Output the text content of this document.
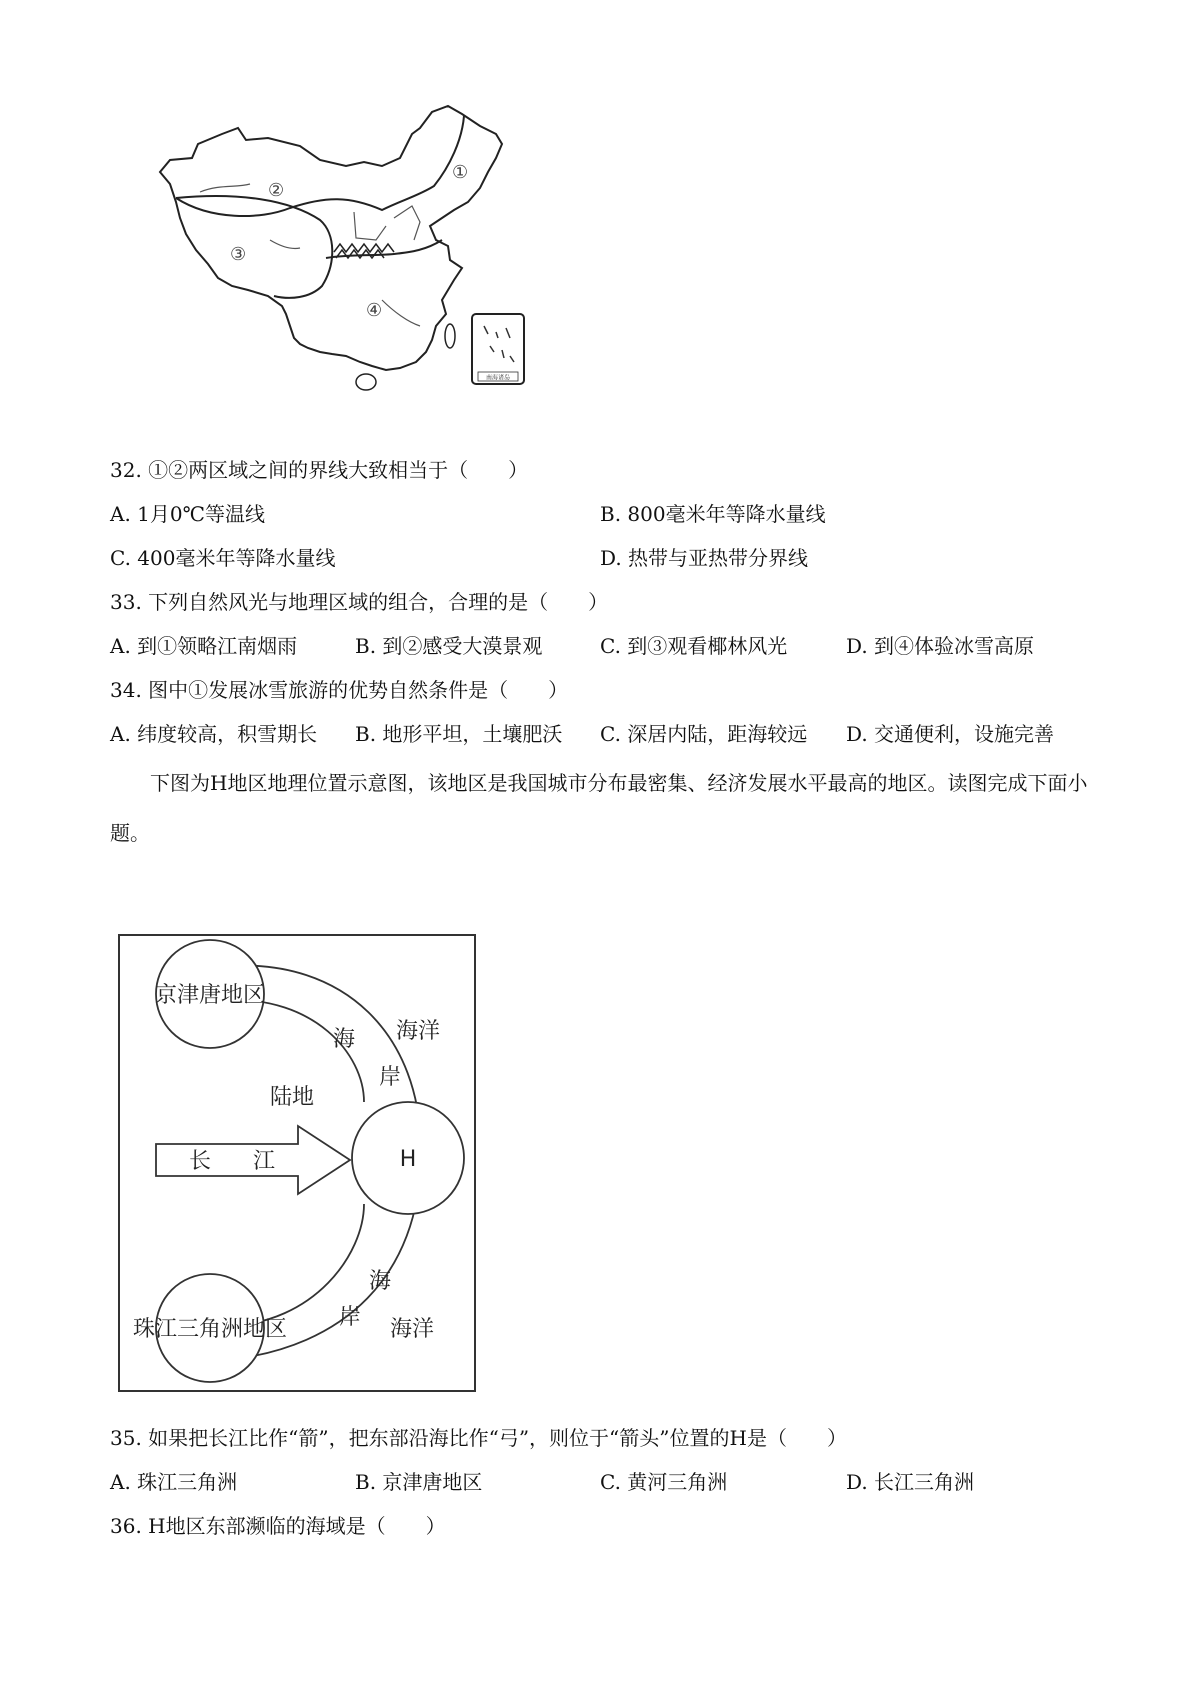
①
②
③
④
南海诸岛
32. ①②两区域之间的界线大致相当于（　　）
A. 1月0℃等温线	B. 800毫米年等降水量线
C. 400毫米年等降水量线	D. 热带与亚热带分界线
33. 下列自然风光与地理区域的组合，合理的是（　　）
A. 到①领略江南烟雨	B. 到②感受大漠景观	C. 到③观看椰林风光	D. 到④体验冰雪高原
34. 图中①发展冰雪旅游的优势自然条件是（　　）
A. 纬度较高，积雪期长 B. 地形平坦，土壤肥沃 C. 深居内陆，距海较远 D. 交通便利，设施完善
下图为H地区地理位置示意图，该地区是我国城市分布最密集、经济发展水平最高的地区。读图完成下面小题。
京津唐地区
珠江三角洲地区
H
陆地
长 江
海
岸
海洋
海
岸 海洋
35. 如果把长江比作“箭”，把东部沿海比作“弓”，则位于“箭头”位置的H是（　　）
A. 珠江三角洲	B. 京津唐地区	C. 黄河三角洲	D. 长江三角洲
36. H地区东部濒临的海域是（　　）
